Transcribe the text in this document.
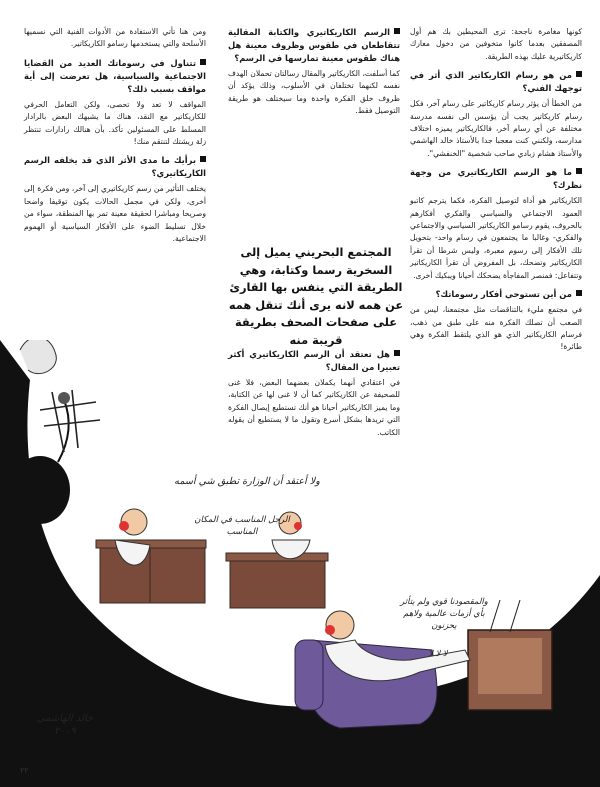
كونها مغامرة ناجحة: ترى المحيطين بك هم أول المصفقين بعدما كانوا متخوفين من دخول معارك كاريكاتيرية عليك بهذه الطريقة.

من هو رسام الكاريكاتير الذي أثر في توجهك الفني؟

من الخطأ أن يؤثر رسام كاريكاتير على رسام آخر، فكل رسام كاريكاتير يجب أن يؤسس الى نفسه مدرسة مختلفة عن أي رسام آخر، فالكاريكاتير يميزه اختلاف مدارسه، ولكنني كنت معجبا جدا بالأستاذ خالد الهاشمي والأستاذ هشام زبادي صاحب شخصية "الخنفشي".

ما هو الرسم الكاريكاتيري من وجهة نظرك؟

الكاريكاتير هو أداة لتوصيل الفكرة، فكما يترجم كاتبو العمود الاجتماعي والسياسي والفكري أفكارهم بالحروف، يقوم رسامو الكاريكاتير السياسي والاجتماعي والفكري- وغالبا ما يجتمعون في رسام واحد- بتحويل تلك الأفكار إلى رسوم معبرة، وليس شرطا أن تقرأ الكاريكاتير وتضحك، بل المفروض أن تقرأ الكاريكاتير وتتفاعل: فمنصر المفاجأة يضحكك أحيانا ويبكيك أخرى.

من أين تستوحي أفكار رسوماتك؟

في مجتمع مليء بالتناقضات مثل مجتمعنا، ليس من الصعب أن تصلك الفكرة منه على طبق من ذهب، فرسام الكاريكاتير الذي هو الذي يلتقط الفكرة وهي طائرة!

الرسم الكاريكاتيري والكتابة المقالية تتقاطعان في طقوس وظروف معينة هل هناك طقوس معينة تمارسها في الرسم؟

كما أسلفت، الكاريكاتير والمقال رسالتان تحملان الهدف نفسه لكنهما تختلفان في الأسلوب، وذلك يؤكد أن ظروف خلق الفكرة واحدة وما سيختلف هو طريقة التوصيل فقط.

المجتمع البحريني يميل إلى السخرية رسما وكتابة، وهي الطريقة التي ينفس بها القارئ عن همه لانه يرى أنك تنقل همه على صفحات الصحف بطريقة قريبة منه
هل تعتقد أن الرسم الكاريكاتيري أكثر تعبيرا من المقال؟

في اعتقادي أنهما يكملان بعضهما البعض، فلا غنى للصحيفة عن الكاريكاتير كما أن لا غنى لها عن الكتابة، وما يميز الكاريكاتير أحيانا هو أنك تستطيع إيصال الفكرة التي تريدها بشكل أسرع وتقول ما لا يستطيع أن يقوله الكاتب.

ومن هنا تأتي الاستفادة من الأدوات الفنية التي نسميها الأسلحة والتي يستخدمها رسامو الكاريكاتير.

تتناول في رسوماتك العديد من القضايا الاجتماعية والسياسية، هل تعرضت إلى أية مواقف بسبب ذلك؟

المواقف لا تعد ولا تحصى، ولكن التعامل الحرفي للكاريكاتير مع النقد، هناك ما يشبهك البعض بالرادار المسلط على المسئولين تأكد. بأن هنالك رادارات تنتظر زلة ريشتك لتنتقم منك!

برأيك ما مدى الأثر الذي قد يخلفه الرسم الكاريكاتيري؟

يختلف التأثير من رسم كاريكاتيري إلى آخر، ومن فكرة إلى أخرى، ولكن في مجمل الحالات يكون توقيفا واضحا وصريحا ومباشرا لحقيقة معينة تمر بها المنطقة، سواء من خلال تسليط الضوء على الأفكار السياسية أو الهموم الاجتماعية.

الزحمة المعالجة	ولا أعتقد أن الوزارة تطبق شي أسمه
الرجل المناسب في المكان المناسب
والمقصودنا قوي ولم يتأثر بأي أزمات عالمية ولاهم يحزنون
لا لا لا
خالد الهاشمي ٢٠٠٩
٢٢
